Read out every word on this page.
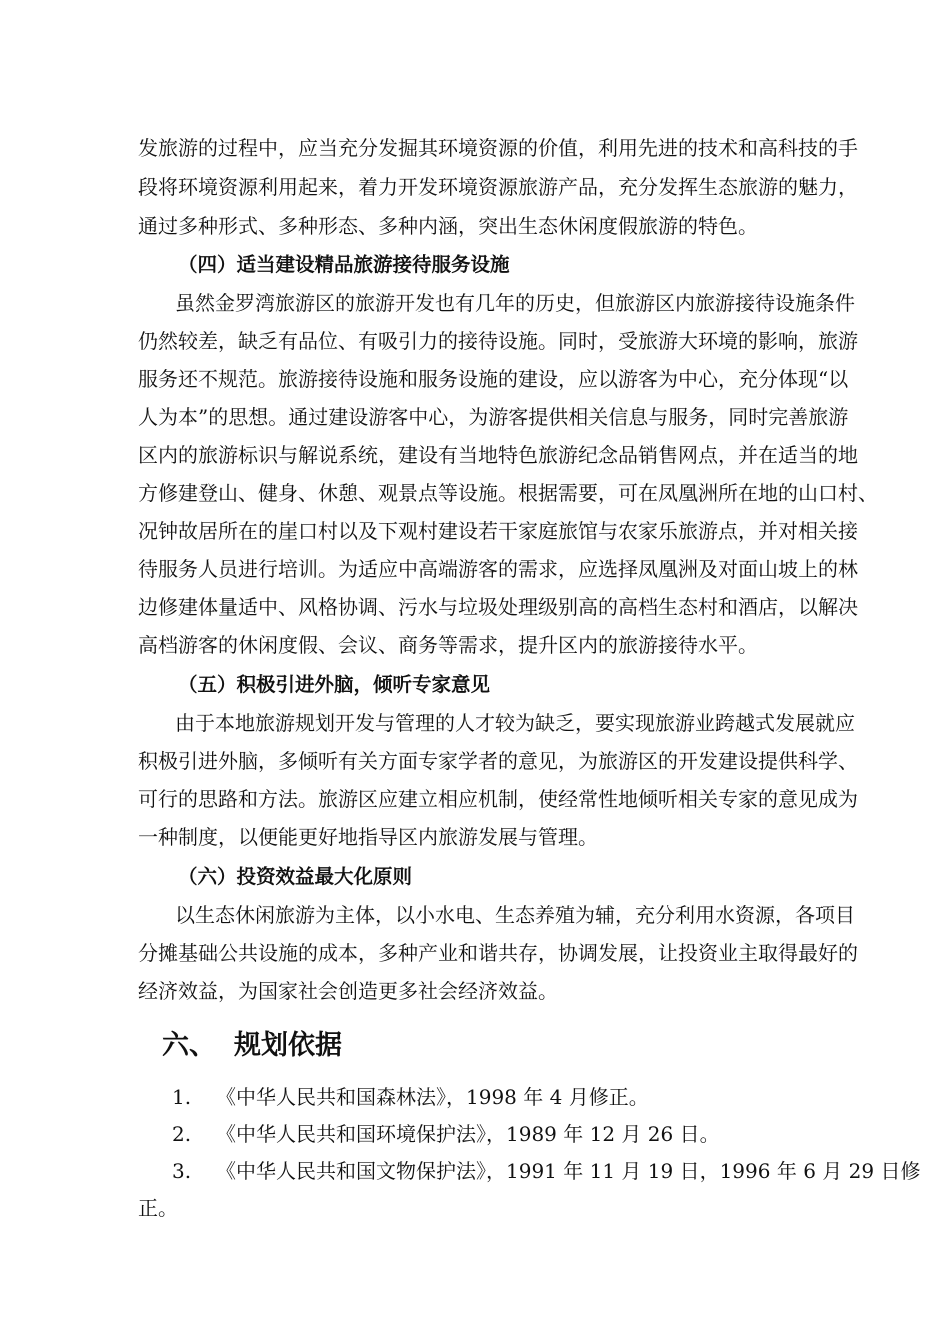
发旅游的过程中，应当充分发掘其环境资源的价值，利用先进的技术和高科技的手
段将环境资源利用起来，着力开发环境资源旅游产品，充分发挥生态旅游的魅力，
通过多种形式、多种形态、多种内涵，突出生态休闲度假旅游的特色。
（四）适当建设精品旅游接待服务设施
虽然金罗湾旅游区的旅游开发也有几年的历史，但旅游区内旅游接待设施条件
仍然较差，缺乏有品位、有吸引力的接待设施。同时，受旅游大环境的影响，旅游
服务还不规范。旅游接待设施和服务设施的建设，应以游客为中心，充分体现“以
人为本”的思想。通过建设游客中心，为游客提供相关信息与服务，同时完善旅游
区内的旅游标识与解说系统，建设有当地特色旅游纪念品销售网点，并在适当的地
方修建登山、健身、休憩、观景点等设施。根据需要，可在凤凰洲所在地的山口村、
况钟故居所在的崖口村以及下观村建设若干家庭旅馆与农家乐旅游点，并对相关接
待服务人员进行培训。为适应中高端游客的需求，应选择凤凰洲及对面山坡上的林
边修建体量适中、风格协调、污水与垃圾处理级别高的高档生态村和酒店，以解决
高档游客的休闲度假、会议、商务等需求，提升区内的旅游接待水平。
（五）积极引进外脑，倾听专家意见
由于本地旅游规划开发与管理的人才较为缺乏，要实现旅游业跨越式发展就应
积极引进外脑，多倾听有关方面专家学者的意见，为旅游区的开发建设提供科学、
可行的思路和方法。旅游区应建立相应机制，使经常性地倾听相关专家的意见成为
一种制度，以便能更好地指导区内旅游发展与管理。
（六）投资效益最大化原则
以生态休闲旅游为主体，以小水电、生态养殖为辅，充分利用水资源，各项目
分摊基础公共设施的成本，多种产业和谐共存，协调发展，让投资业主取得最好的
经济效益，为国家社会创造更多社会经济效益。
六、 规划依据
1. 《中华人民共和国森林法》，1998 年 4 月修正。
2. 《中华人民共和国环境保护法》，1989 年 12 月 26 日。
3. 《中华人民共和国文物保护法》，1991 年 11 月 19 日，1996 年 6 月 29 日修
正。
